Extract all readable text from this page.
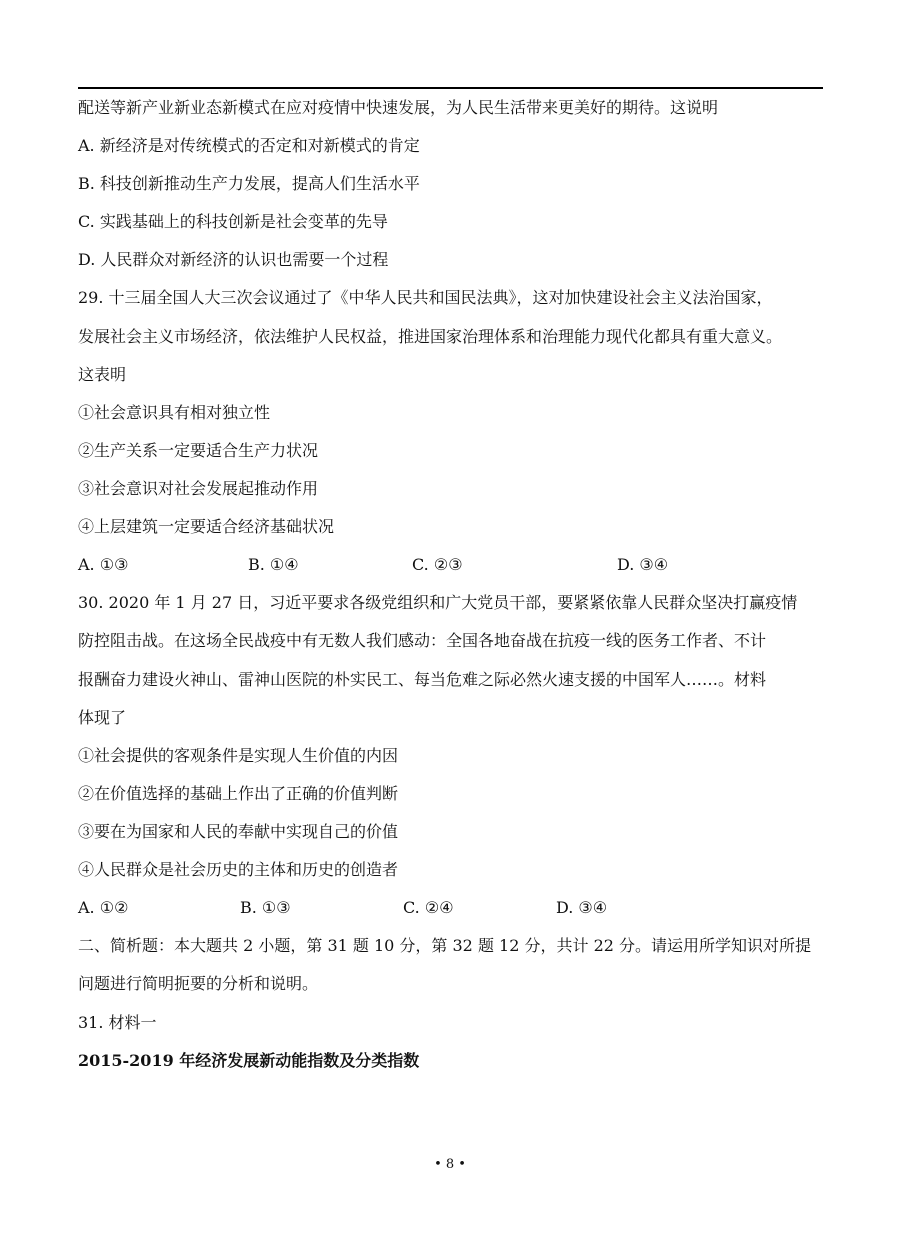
配送等新产业新业态新模式在应对疫情中快速发展，为人民生活带来更美好的期待。这说明
A. 新经济是对传统模式的否定和对新模式的肯定
B. 科技创新推动生产力发展，提高人们生活水平
C. 实践基础上的科技创新是社会变革的先导
D. 人民群众对新经济的认识也需要一个过程
29. 十三届全国人大三次会议通过了《中华人民共和国民法典》，这对加快建设社会主义法治国家，
发展社会主义市场经济，依法维护人民权益，推进国家治理体系和治理能力现代化都具有重大意义。
这表明
①社会意识具有相对独立性
②生产关系一定要适合生产力状况
③社会意识对社会发展起推动作用
④上层建筑一定要适合经济基础状况
A. ①③	B. ①④	C. ②③	D. ③④
30. 2020 年 1 月 27 日，习近平要求各级党组织和广大党员干部，要紧紧依靠人民群众坚决打赢疫情
防控阻击战。在这场全民战疫中有无数人我们感动：全国各地奋战在抗疫一线的医务工作者、不计
报酬奋力建设火神山、雷神山医院的朴实民工、每当危难之际必然火速支援的中国军人……。材料
体现了
①社会提供的客观条件是实现人生价值的内因
②在价值选择的基础上作出了正确的价值判断
③要在为国家和人民的奉献中实现自己的价值
④人民群众是社会历史的主体和历史的创造者
A. ①②	B. ①③	C. ②④	D. ③④
二、简析题：本大题共 2 小题，第 31 题 10 分，第 32 题 12 分，共计 22 分。请运用所学知识对所提
问题进行简明扼要的分析和说明。
31. 材料一
2015-2019 年经济发展新动能指数及分类指数
• 8 •
